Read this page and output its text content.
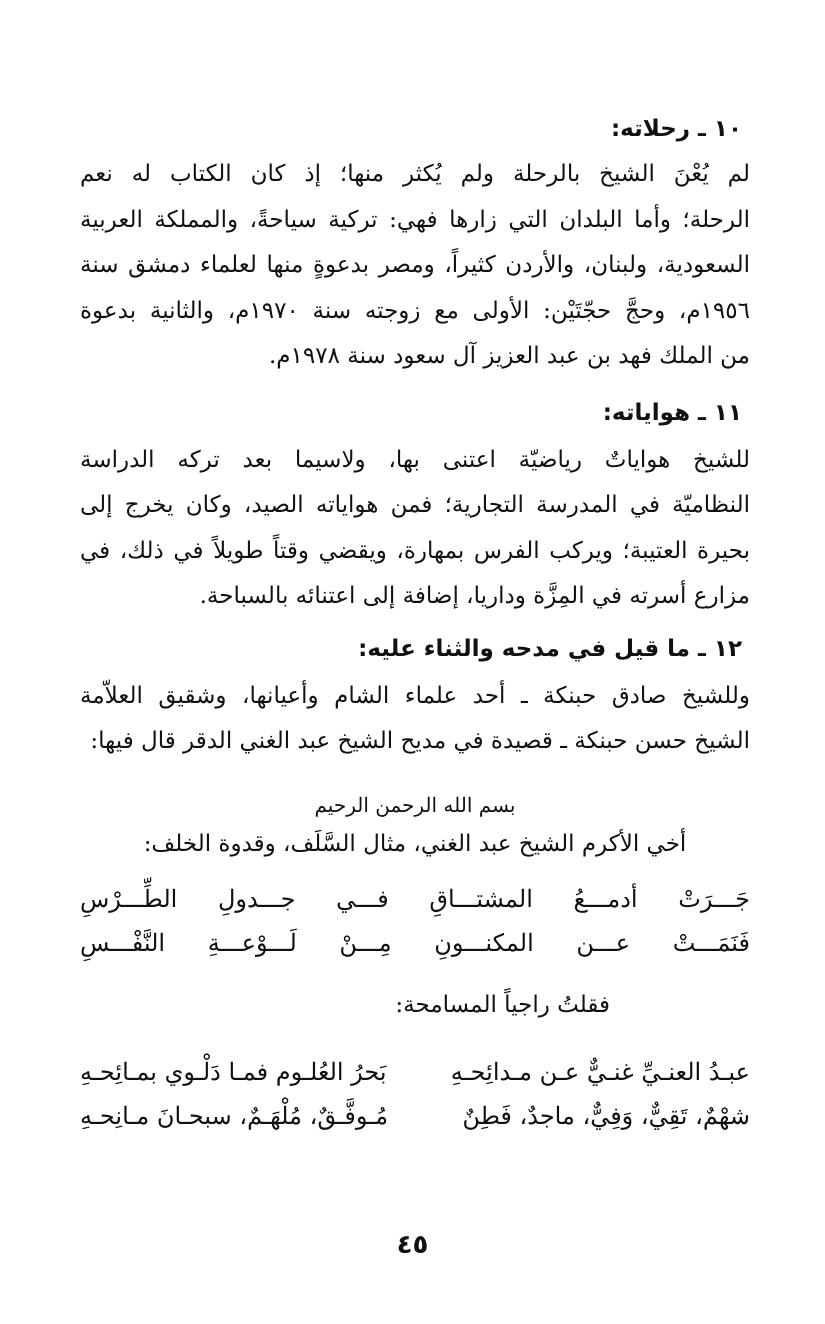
١٠ ـ رحلاته:

لم يُعْنَ الشيخ بالرحلة ولم يُكثر منها؛ إذ كان الكتاب له نعم
الرحلة؛ وأما البلدان التي زارها فهي: تركية سياحةً، والمملكة العربية
السعودية، ولبنان، والأردن كثيراً، ومصر بدعوةٍ منها لعلماء دمشق سنة
١٩٥٦م، وحجَّ حجّتَيْن: الأولى مع زوجته سنة ١٩٧٠م، والثانية بدعوة
من الملك فهد بن عبد العزيز آل سعود سنة ١٩٧٨م.

١١ ـ هواياته:

للشيخ هواياتٌ رياضيّة اعتنى بها، ولاسيما بعد تركه الدراسة
النظاميّة في المدرسة التجارية؛ فمن هواياته الصيد، وكان يخرج إلى
بحيرة العتيبة؛ ويركب الفرس بمهارة، ويقضي وقتاً طويلاً في ذلك، في
مزارع أسرته في المِزَّة وداريا، إضافة إلى اعتنائه بالسباحة.

١٢ ـ ما قيل في مدحه والثناء عليه:

وللشيخ صادق حبنكة ـ أحد علماء الشام وأعيانها، وشقيق العلاّمة
الشيخ حسن حبنكة ـ قصيدة في مديح الشيخ عبد الغني الدقر قال فيها:

بسم الله الرحمن الرحيم

أخي الأكرم الشيخ عبد الغني، مثال السَّلَف، وقدوة الخلف:

جَـــرَتْ أدمـــعُ المشتـــاقِ فـــي جـــدولِ الطِّـــرْسِ

فَنَمَـــتْ عـــن المكنـــونِ مِـــنْ لَـــوْعـــةِ النَّفْـــسِ

فقلتُ راجياً المسامحة:

عبـدُ العنـيِّ غنـيٌّ عـن مـدائِحـهِ
بَحرُ العُلـوم فمـا دَلْـوي بمـائِحـهِ
شهْمٌ، تَقِيٌّ، وَفِيٌّ، ماجدٌ، فَطِنٌ
مُـوفَّـقٌ، مُلْهَـمٌ، سبحـانَ مـانِحـهِ
٤٥
